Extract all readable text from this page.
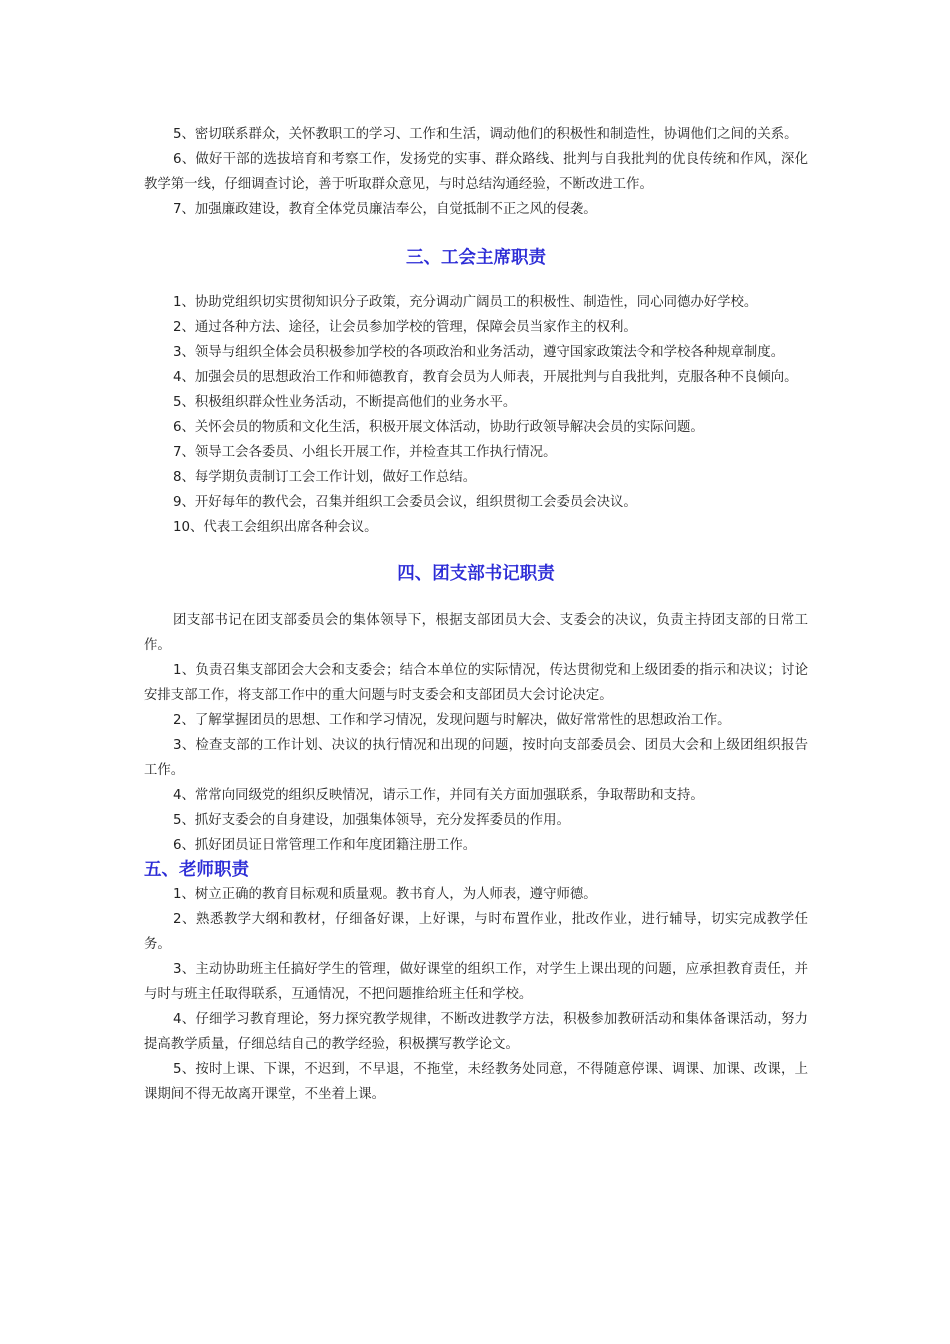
5、密切联系群众，关怀教职工的学习、工作和生活，调动他们的积极性和制造性，协调他们之间的关系。

6、做好干部的选拔培育和考察工作，发扬党的实事、群众路线、批判与自我批判的优良传统和作风，深化教学第一线，仔细调查讨论，善于听取群众意见，与时总结沟通经验，不断改进工作。

7、加强廉政建设，教育全体党员廉洁奉公，自觉抵制不正之风的侵袭。

三、工会主席职责

1、协助党组织切实贯彻知识分子政策，充分调动广阔员工的积极性、制造性，同心同德办好学校。

2、通过各种方法、途径，让会员参加学校的管理，保障会员当家作主的权利。

3、领导与组织全体会员积极参加学校的各项政治和业务活动，遵守国家政策法令和学校各种规章制度。

4、加强会员的思想政治工作和师德教育，教育会员为人师表，开展批判与自我批判，克服各种不良倾向。

5、积极组织群众性业务活动，不断提高他们的业务水平。

6、关怀会员的物质和文化生活，积极开展文体活动，协助行政领导解决会员的实际问题。

7、领导工会各委员、小组长开展工作，并检查其工作执行情况。

8、每学期负责制订工会工作计划，做好工作总结。

9、开好每年的教代会，召集并组织工会委员会议，组织贯彻工会委员会决议。

10、代表工会组织出席各种会议。

四、团支部书记职责

团支部书记在团支部委员会的集体领导下，根据支部团员大会、支委会的决议，负责主持团支部的日常工作。

1、负责召集支部团会大会和支委会；结合本单位的实际情况，传达贯彻党和上级团委的指示和决议；讨论安排支部工作，将支部工作中的重大问题与时支委会和支部团员大会讨论决定。

2、了解掌握团员的思想、工作和学习情况，发现问题与时解决，做好常常性的思想政治工作。

3、检查支部的工作计划、决议的执行情况和出现的问题，按时向支部委员会、团员大会和上级团组织报告工作。

4、常常向同级党的组织反映情况，请示工作，并同有关方面加强联系，争取帮助和支持。

5、抓好支委会的自身建设，加强集体领导，充分发挥委员的作用。

6、抓好团员证日常管理工作和年度团籍注册工作。

五、老师职责

1、树立正确的教育目标观和质量观。教书育人，为人师表，遵守师德。

2、熟悉教学大纲和教材，仔细备好课，上好课，与时布置作业，批改作业，进行辅导，切实完成教学任务。

3、主动协助班主任搞好学生的管理，做好课堂的组织工作，对学生上课出现的问题，应承担教育责任，并与时与班主任取得联系，互通情况，不把问题推给班主任和学校。

4、仔细学习教育理论，努力探究教学规律，不断改进教学方法，积极参加教研活动和集体备课活动，努力提高教学质量，仔细总结自己的教学经验，积极撰写教学论文。

5、按时上课、下课，不迟到，不早退，不拖堂，未经教务处同意，不得随意停课、调课、加课、改课，上课期间不得无故离开课堂，不坐着上课。
